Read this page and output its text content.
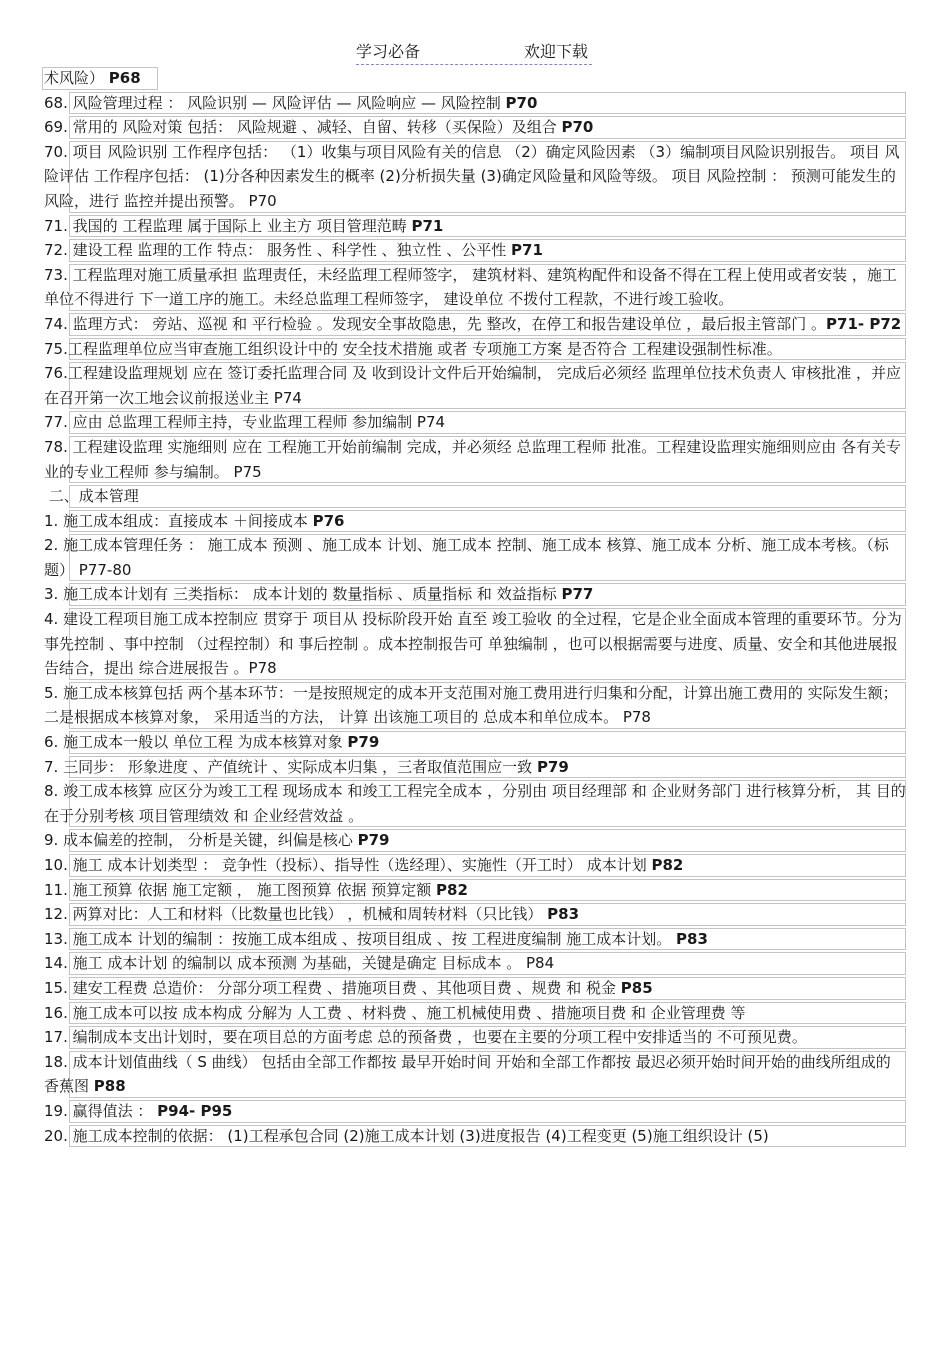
学习必备	欢迎下载
术风险） P68
68. 风险管理过程 ： 风险识别 — 风险评估 — 风险响应 — 风险控制 P70
69. 常用的 风险对策 包括： 风险规避 、减轻、自留、转移（买保险）及组合 P70
70. 项目 风险识别 工作程序包括： （1）收集与项目风险有关的信息 （2）确定风险因素 （3）编制项目风险识别报告。 项目 风险评估 工作程序包括： (1)分各种因素发生的概率 (2)分析损失量 (3)确定风险量和风险等级。 项目 风险控制 ： 预测可能发生的风险，进行 监控并提出预警。 P70
71. 我国的 工程监理 属于国际上 业主方 项目管理范畴 P71
72. 建设工程 监理的工作 特点： 服务性 、科学性 、独立性 、公平性 P71
73. 工程监理对施工质量承担 监理责任，未经监理工程师签字， 建筑材料、建筑构配件和设备不得在工程上使用或者安装 ，施工单位不得进行 下一道工序的施工。未经总监理工程师签字， 建设单位 不拨付工程款，不进行竣工验收。
74. 监理方式： 旁站、巡视 和 平行检验 。发现安全事故隐患，先 整改，在停工和报告建设单位 ，最后报主管部门 。P71- P72
75.工程监理单位应当审查施工组织设计中的 安全技术措施 或者 专项施工方案 是否符合 工程建设强制性标准。
76.工程建设监理规划 应在 签订委托监理合同 及 收到设计文件后开始编制， 完成后必须经 监理单位技术负责人 审核批准 ，并应在召开第一次工地会议前报送业主 P74
77. 应由 总监理工程师主持，专业监理工程师 参加编制 P74
78. 工程建设监理 实施细则 应在 工程施工开始前编制 完成，并必须经 总监理工程师 批准。工程建设监理实施细则应由 各有关专业的专业工程师 参与编制。 P75
二、成本管理
1. 施工成本组成：直接成本 ＋间接成本 P76
2. 施工成本管理任务 ： 施工成本 预测 、施工成本 计划、施工成本 控制、施工成本 核算、施工成本 分析、施工成本考核。（标题） P77-80
3. 施工成本计划有 三类指标： 成本计划的 数量指标 、质量指标 和 效益指标 P77
4. 建设工程项目施工成本控制应 贯穿于 项目从 投标阶段开始 直至 竣工验收 的全过程，它是企业全面成本管理的重要环节。分为 事先控制 、事中控制 （过程控制）和 事后控制 。成本控制报告可 单独编制 ，也可以根据需要与进度、质量、安全和其他进展报告结合，提出 综合进展报告 。P78
5. 施工成本核算包括 两个基本环节：一是按照规定的成本开支范围对施工费用进行归集和分配，计算出施工费用的 实际发生额；二是根据成本核算对象， 采用适当的方法， 计算 出该施工项目的 总成本和单位成本。 P78
6. 施工成本一般以 单位工程 为成本核算对象 P79
7. 三同步： 形象进度 、产值统计 、实际成本归集 ，三者取值范围应一致 P79
8. 竣工成本核算 应区分为竣工工程 现场成本 和竣工工程完全成本 ，分别由 项目经理部 和 企业财务部门 进行核算分析， 其 目的 在于分别考核 项目管理绩效 和 企业经营效益 。
9. 成本偏差的控制， 分析是关键，纠偏是核心 P79
10. 施工 成本计划类型 ： 竞争性（投标）、指导性（选经理）、实施性（开工时） 成本计划 P82
11. 施工预算 依据 施工定额 ， 施工图预算 依据 预算定额 P82
12. 两算对比：人工和材料（比数量也比钱） ，机械和周转材料（只比钱） P83
13. 施工成本 计划的编制 ：按施工成本组成 、按项目组成 、按 工程进度编制 施工成本计划。 P83
14. 施工 成本计划 的编制以 成本预测 为基础，关键是确定 目标成本 。 P84
15. 建安工程费 总造价： 分部分项工程费 、措施项目费 、其他项目费 、规费 和 税金 P85
16. 施工成本可以按 成本构成 分解为 人工费 、材料费 、施工机械使用费 、措施项目费 和 企业管理费 等
17. 编制成本支出计划时，要在项目总的方面考虑 总的预备费 ，也要在主要的分项工程中安排适当的 不可预见费。
18. 成本计划值曲线（ S 曲线） 包括由全部工作都按 最早开始时间 开始和全部工作都按 最迟必须开始时间开始的曲线所组成的 香蕉图 P88
19. 赢得值法 ： P94- P95
20. 施工成本控制的依据： (1)工程承包合同 (2)施工成本计划 (3)进度报告 (4)工程变更 (5)施工组织设计 (5)
